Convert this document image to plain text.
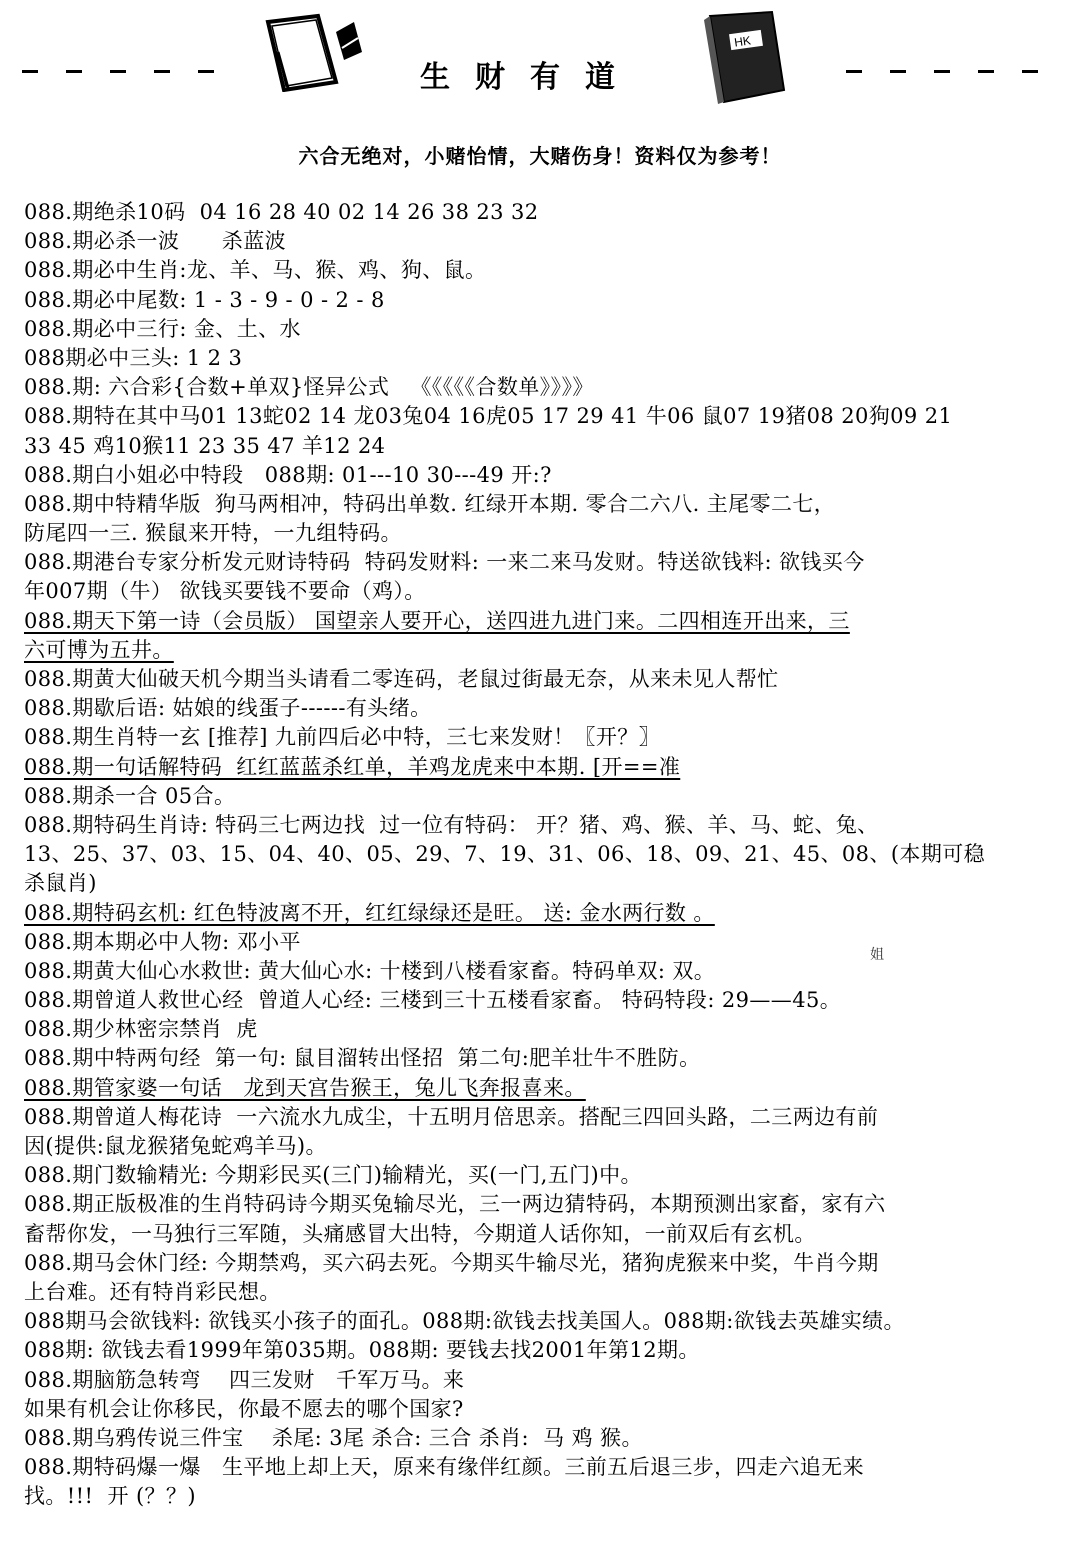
生财有道
HK
六合无绝对，小赌怡情，大赌伤身！资料仅为参考！
088.期绝杀10码  04 16 28 40 02 14 26 38 23 32
088.期必杀一波      杀蓝波
088.期必中生肖:龙、羊、马、猴、鸡、狗、鼠。
088.期必中尾数: 1 - 3 - 9 - 0 - 2 - 8
088.期必中三行: 金、土、水
088期必中三头: 1 2 3
088.期: 六合彩{合数+单双}怪异公式   《《《《《合数单》》》》
088.期特在其中马01 13蛇02 14 龙03兔04 16虎05 17 29 41 牛06 鼠07 19猪08 20狗09 21
33 45 鸡10猴11 23 35 47 羊12 24
088.期白小姐必中特段   088期: 01---10 30---49 开:?
088.期中特精华版  狗马两相冲，特码出单数. 红绿开本期. 零合二六八. 主尾零二七，
防尾四一三. 猴鼠来开特，一九组特码。
088.期港台专家分析发元财诗特码  特码发财料: 一来二来马发财。特送欲钱料: 欲钱买今
年007期（牛） 欲钱买要钱不要命（鸡）。
088.期天下第一诗（会员版） 国望亲人要开心，送四进九进门来。二四相连开出来，三
六可博为五井。
088.期黄大仙破天机今期当头请看二零连码，老鼠过街最无奈，从来未见人帮忙
088.期歇后语: 姑娘的线蛋子------有头绪。
088.期生肖特一玄 [推荐] 九前四后必中特，三七来发财！〖开？〗
088.期一句话解特码  红红蓝蓝杀红单，羊鸡龙虎来中本期. [开==准
088.期杀一合 05合。
088.期特码生肖诗: 特码三七两边找  过一位有特码： 开？猪、鸡、猴、羊、马、蛇、兔、
13、25、37、03、15、04、40、05、29、7、19、31、06、18、09、21、45、08、(本期可稳
杀鼠肖)
088.期特码玄机: 红色特波离不开，红红绿绿还是旺。 送: 金水两行数 。
088.期本期必中人物: 邓小平
088.期黄大仙心水救世: 黄大仙心水: 十楼到八楼看家畜。特码单双: 双。
088.期曾道人救世心经  曾道人心经: 三楼到三十五楼看家畜。 特码特段: 29——45。
088.期少林密宗禁肖  虎
088.期中特两句经  第一句: 鼠目溜转出怪招  第二句:肥羊壮牛不胜防。
088.期管家婆一句话   龙到天宫告猴王，兔儿飞奔报喜来。
088.期曾道人梅花诗  一六流水九成尘，十五明月倍思亲。搭配三四回头路，二三两边有前
因(提供:鼠龙猴猪兔蛇鸡羊马)。
088.期门数输精光: 今期彩民买(三门)输精光，买(一门,五门)中。
088.期正版极准的生肖特码诗今期买兔输尽光，三一两边猜特码，本期预测出家畜，家有六
畜帮你发，一马独行三军随，头痛感冒大出特，今期道人话你知，一前双后有玄机。
088.期马会休门经: 今期禁鸡，买六码去死。今期买牛输尽光，猪狗虎猴来中奖，牛肖今期
上台难。还有特肖彩民想。
088期马会欲钱料: 欲钱买小孩子的面孔。088期:欲钱去找美国人。088期:欲钱去英雄实绩。
088期: 欲钱去看1999年第035期。088期: 要钱去找2001年第12期。
088.期脑筋急转弯    四三发财   千军万马。来
如果有机会让你移民，你最不愿去的哪个国家?
088.期乌鸦传说三件宝    杀尾: 3尾 杀合: 三合 杀肖:  马 鸡 猴。
088.期特码爆一爆   生平地上却上天，原来有缘伴红颜。三前五后退三步，四走六追无来
找。!!!  开 (？？)
姐
